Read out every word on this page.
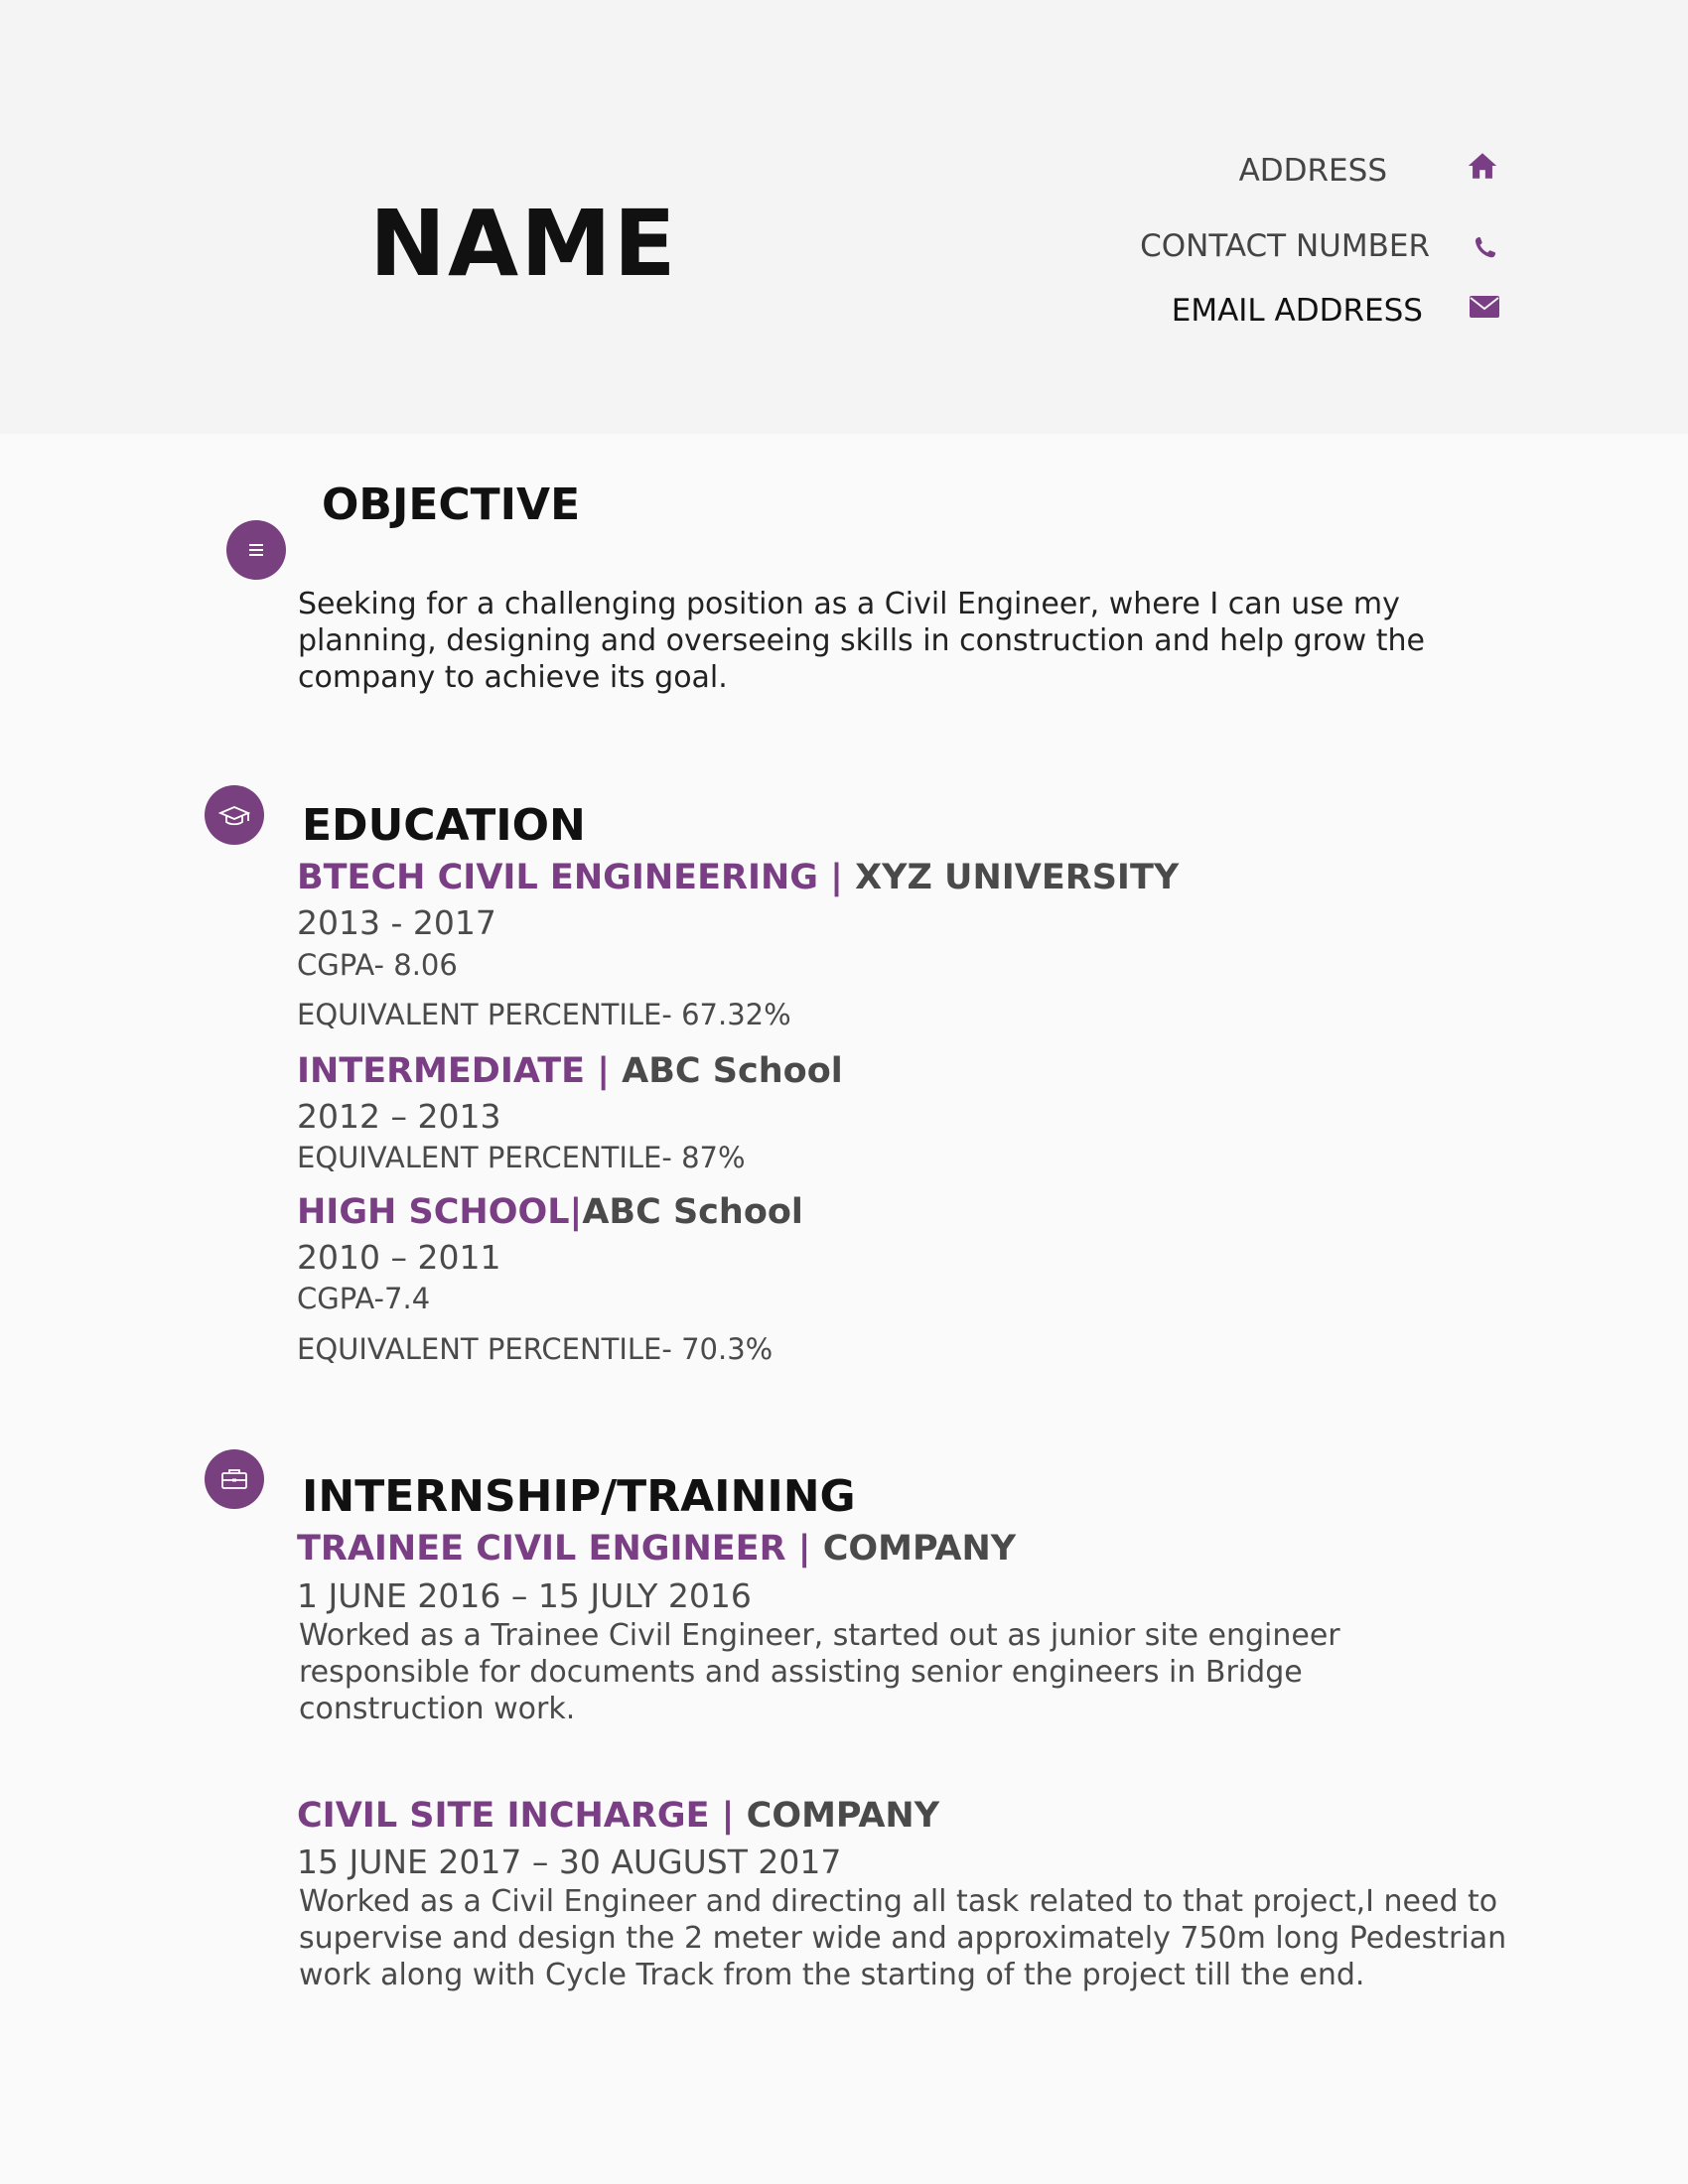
NAME
ADDRESS
CONTACT NUMBER
EMAIL ADDRESS
OBJECTIVE
Seeking for a challenging position as a Civil Engineer, where I can use my planning, designing and overseeing skills in construction and help grow the company to achieve its goal.
EDUCATION
BTECH CIVIL ENGINEERING | XYZ UNIVERSITY
2013 - 2017
CGPA- 8.06
EQUIVALENT PERCENTILE- 67.32%
INTERMEDIATE | ABC School
2012 – 2013
EQUIVALENT PERCENTILE- 87%
HIGH SCHOOL|ABC School
2010 – 2011
CGPA-7.4
EQUIVALENT PERCENTILE- 70.3%
INTERNSHIP/TRAINING
TRAINEE CIVIL ENGINEER | COMPANY
1 JUNE 2016 – 15 JULY 2016
Worked as a Trainee Civil Engineer, started out as junior site engineer responsible for documents and assisting senior engineers in Bridge construction work.
CIVIL SITE INCHARGE | COMPANY
15 JUNE 2017 – 30 AUGUST 2017
Worked as a Civil Engineer and directing all task related to that project,I need to supervise and design the 2 meter wide and approximately 750m long Pedestrian work along with Cycle Track from the starting of the project till the end.
